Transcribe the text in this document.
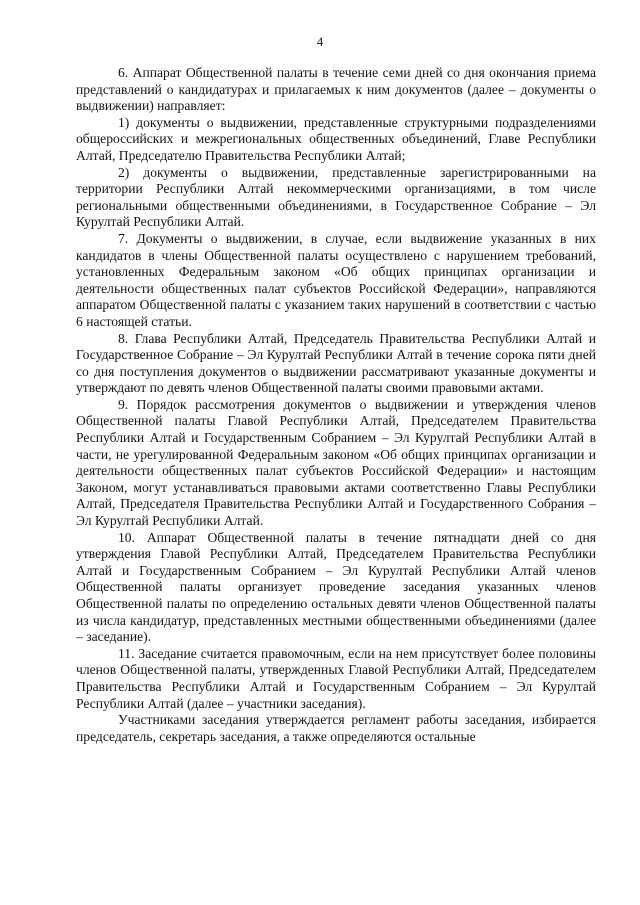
4

6. Аппарат Общественной палаты в течение семи дней со дня окончания приема представлений о кандидатурах и прилагаемых к ним документов (далее – документы о выдвижении) направляет:

1) документы о выдвижении, представленные структурными подразделениями общероссийских и межрегиональных общественных объединений, Главе Республики Алтай, Председателю Правительства Республики Алтай;

2) документы о выдвижении, представленные зарегистрированными на территории Республики Алтай некоммерческими организациями, в том числе региональными общественными объединениями, в Государственное Собрание – Эл Курултай Республики Алтай.

7. Документы о выдвижении, в случае, если выдвижение указанных в них кандидатов в члены Общественной палаты осуществлено с нарушением требований, установленных Федеральным законом «Об общих принципах организации и деятельности общественных палат субъектов Российской Федерации», направляются аппаратом Общественной палаты с указанием таких нарушений в соответствии с частью 6 настоящей статьи.

8. Глава Республики Алтай, Председатель Правительства Республики Алтай и Государственное Собрание – Эл Курултай Республики Алтай в течение сорока пяти дней со дня поступления документов о выдвижении рассматривают указанные документы и утверждают по девять членов Общественной палаты своими правовыми актами.

9. Порядок рассмотрения документов о выдвижении и утверждения членов Общественной палаты Главой Республики Алтай, Председателем Правительства Республики Алтай и Государственным Собранием – Эл Курултай Республики Алтай в части, не урегулированной Федеральным законом «Об общих принципах организации и деятельности общественных палат субъектов Российской Федерации» и настоящим Законом, могут устанавливаться правовыми актами соответственно Главы Республики Алтай, Председателя Правительства Республики Алтай и Государственного Собрания – Эл Курултай Республики Алтай.

10. Аппарат Общественной палаты в течение пятнадцати дней со дня утверждения Главой Республики Алтай, Председателем Правительства Республики Алтай и Государственным Собранием – Эл Курултай Республики Алтай членов Общественной палаты организует проведение заседания указанных членов Общественной палаты по определению остальных девяти членов Общественной палаты из числа кандидатур, представленных местными общественными объединениями (далее – заседание).

11. Заседание считается правомочным, если на нем присутствует более половины членов Общественной палаты, утвержденных Главой Республики Алтай, Председателем Правительства Республики Алтай и Государственным Собранием – Эл Курултай Республики Алтай (далее – участники заседания).

Участниками заседания утверждается регламент работы заседания, избирается председатель, секретарь заседания, а также определяются остальные
